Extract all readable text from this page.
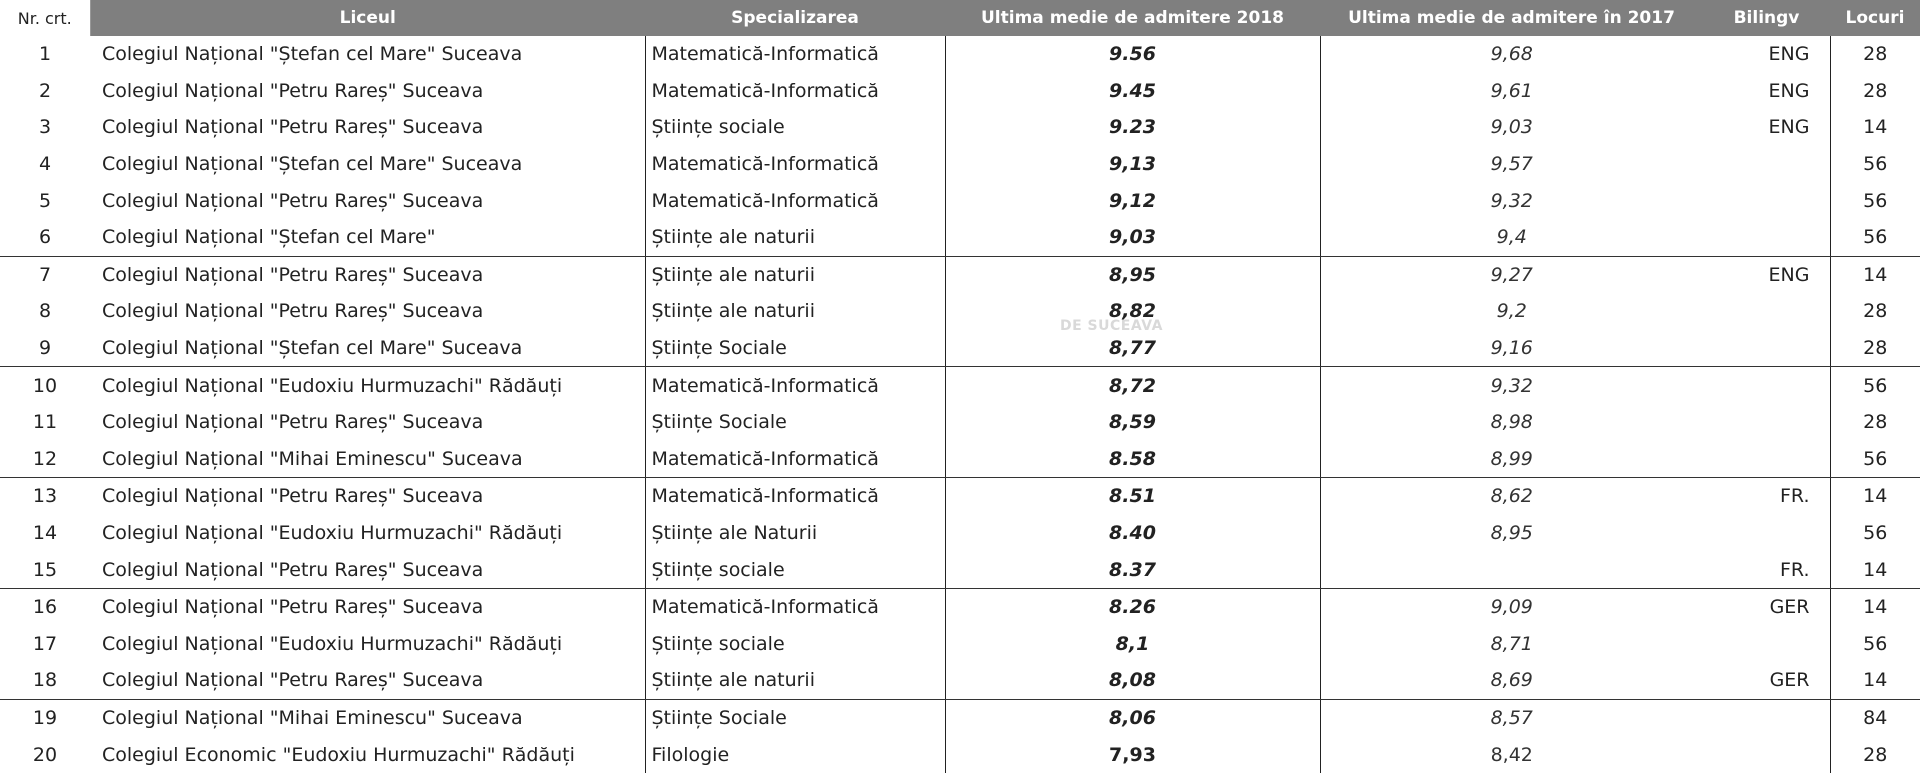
Nr. crt.	Liceul	Specializarea	Ultima medie de admitere 2018	Ultima medie de admitere în 2017	Bilingv	Locuri
1	Colegiul Național "Ștefan cel Mare" Suceava	Matematică-Informatică	9.56	9,68	ENG	28
2	Colegiul Național "Petru Rareș" Suceava	Matematică-Informatică	9.45	9,61	ENG	28
3	Colegiul Național "Petru Rareș" Suceava	Științe sociale	9.23	9,03	ENG	14
4	Colegiul Național "Ștefan cel Mare" Suceava	Matematică-Informatică	9,13	9,57		56
5	Colegiul Național "Petru Rareș" Suceava	Matematică-Informatică	9,12	9,32		56
6	Colegiul Național "Ștefan cel Mare"	Științe ale naturii	9,03	9,4		56
7	Colegiul Național "Petru Rareș" Suceava	Științe ale naturii	8,95	9,27	ENG	14
8	Colegiul Național "Petru Rareș" Suceava	Științe ale naturii	8,82	9,2		28
9	Colegiul Național "Ștefan cel Mare" Suceava	Științe Sociale	8,77	9,16		28
10	Colegiul Național "Eudoxiu Hurmuzachi" Rădăuți	Matematică-Informatică	8,72	9,32		56
11	Colegiul Național "Petru Rareș" Suceava	Științe Sociale	8,59	8,98		28
12	Colegiul Național "Mihai Eminescu" Suceava	Matematică-Informatică	8.58	8,99		56
13	Colegiul Național "Petru Rareș" Suceava	Matematică-Informatică	8.51	8,62	FR.	14
14	Colegiul Național "Eudoxiu Hurmuzachi" Rădăuți	Științe ale Naturii	8.40	8,95		56
15	Colegiul Național "Petru Rareș" Suceava	Științe sociale	8.37		FR.	14
16	Colegiul Național "Petru Rareș" Suceava	Matematică-Informatică	8.26	9,09	GER	14
17	Colegiul Național "Eudoxiu Hurmuzachi" Rădăuți	Științe sociale	8,1	8,71		56
18	Colegiul Național "Petru Rareș" Suceava	Științe ale naturii	8,08	8,69	GER	14
19	Colegiul Național "Mihai Eminescu" Suceava	Științe Sociale	8,06	8,57		84
20	Colegiul Economic "Eudoxiu Hurmuzachi" Rădăuți	Filologie	7,93	8,42		28
DE SUCEAVA
